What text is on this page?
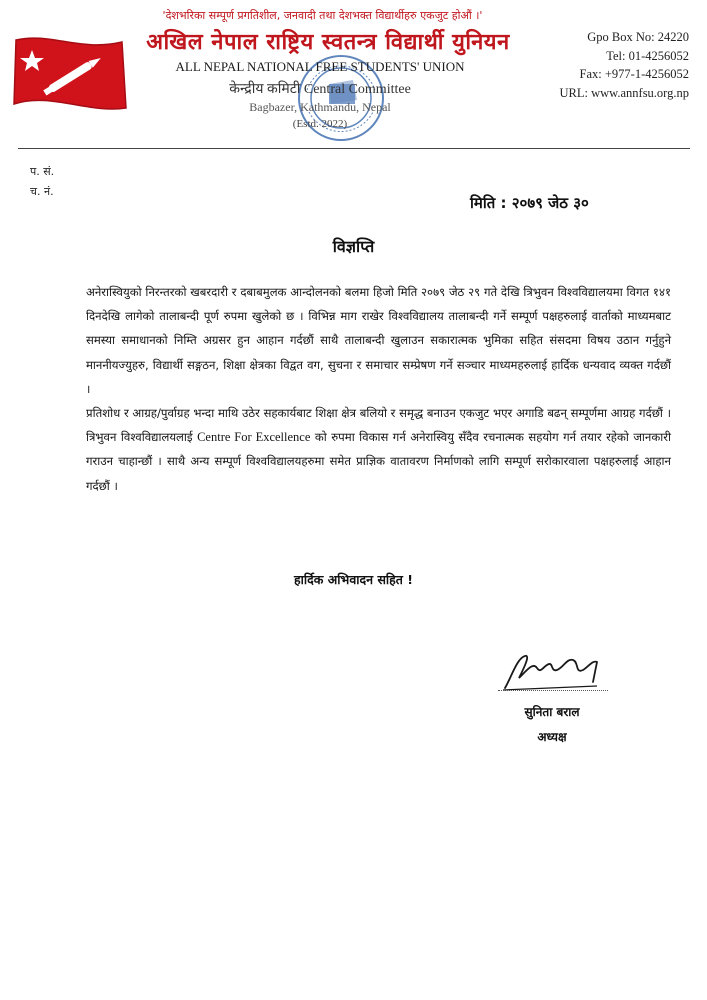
'देशभरिका सम्पूर्ण प्रगतिशील, जनवादी तथा देशभक्त विद्यार्थीहरु एकजुट होऔं ।'
अखिल नेपाल राष्ट्रिय स्वतन्त्र विद्यार्थी युनियन
ALL NEPAL NATIONAL FREE STUDENTS' UNION
केन्द्रीय कमिटी Central Committee
Bagbazer, Kathmandu, Nepal
(Estd. 2022)
Gpo Box No: 24220
Tel: 01-4256052
Fax: +977-1-4256052
URL: www.annfsu.org.np
प. सं.
च. नं.
मिति : २०७९ जेठ ३०
विज्ञप्ति

अनेरास्वियुको निरन्तरको खबरदारी र दबाबमुलक आन्दोलनको बलमा हिजो मिति २०७९ जेठ २९ गते देखि त्रिभुवन विश्वविद्यालयमा विगत १४१ दिनदेखि लागेको तालाबन्दी पूर्ण रुपमा खुलेको छ । विभिन्न माग राखेर विश्वविद्यालय तालाबन्दी गर्ने सम्पूर्ण पक्षहरुलाई वार्ताको माध्यमबाट समस्या समाधानको निम्ति अग्रसर हुन आहान गर्दछौं साथै तालाबन्दी खुलाउन सकारात्मक भुमिका सहित संसदमा विषय उठान गर्नुहुने माननीयज्युहरु, विद्यार्थी सङ्गठन, शिक्षा क्षेत्रका विद्वत वग, सुचना र समाचार सम्प्रेषण गर्ने सञ्चार माध्यमहरुलाई हार्दिक धन्यवाद व्यक्त गर्दछौं ।

प्रतिशोध र आग्रह/पुर्वाग्रह भन्दा माथि उठेर सहकार्यबाट शिक्षा क्षेत्र बलियो र समृद्ध बनाउन एकजुट भएर अगाडि बढन् सम्पूर्णमा आग्रह गर्दछौं । त्रिभुवन विश्वविद्यालयलाई Centre For Excellence को रुपमा विकास गर्न अनेरास्वियु सँदैव रचनात्मक सहयोग गर्न तयार रहेको जानकारी गराउन चाहान्छौं । साथै अन्य सम्पूर्ण विश्वविद्यालयहरुमा समेत प्राज्ञिक वातावरण निर्माणको लागि सम्पूर्ण सरोकारवाला पक्षहरुलाई आहान गर्दछौं ।

हार्दिक अभिवादन सहित !
सुनिता बराल
अध्यक्ष
